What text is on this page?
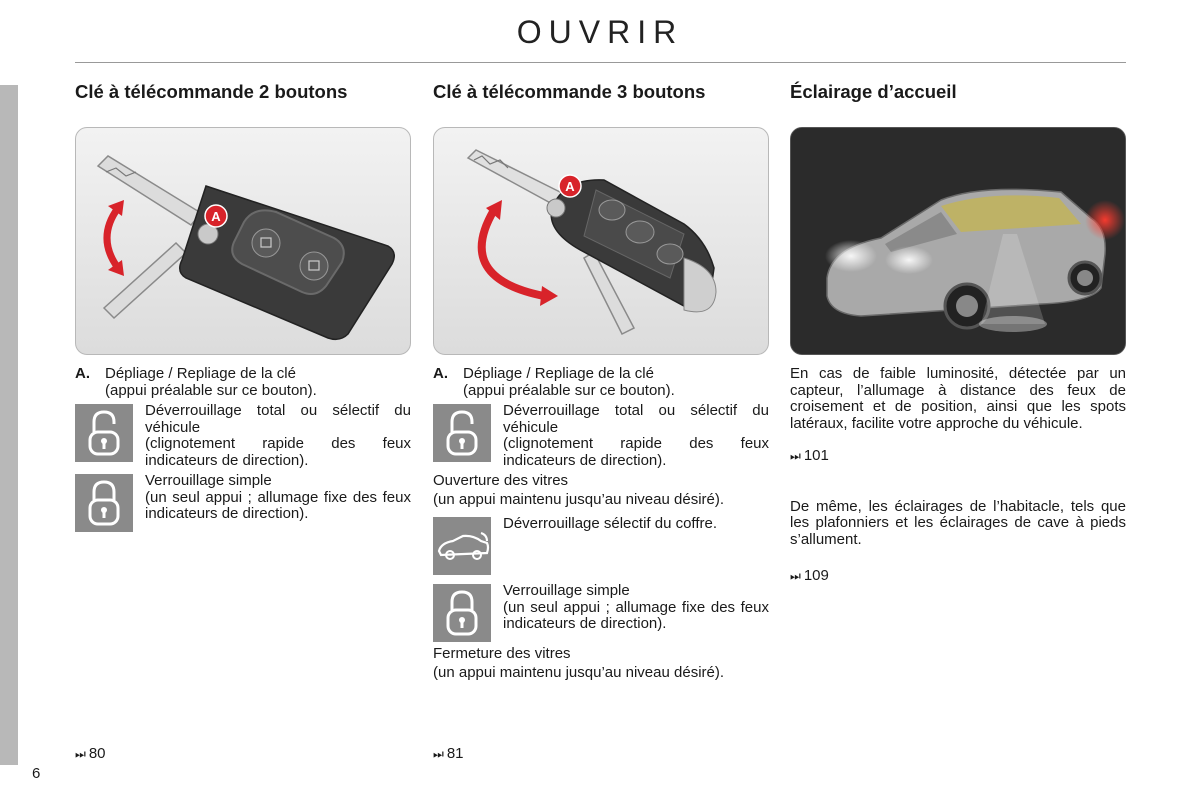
OUVRIR
6
Clé à télécommande 2 boutons
A
A.	Dépliage / Repliage de la clé
(appui préalable sur ce bouton).

Déverrouillage total ou sélectif du véhicule

(clignotement rapide des feux indicateurs de direction).

Verrouillage simple

(un seul appui ; allumage fixe des feux indicateurs de direction).

⏭ 80
Clé à télécommande 3 boutons
A
A.	Dépliage / Repliage de la clé
(appui préalable sur ce bouton).

Déverrouillage total ou sélectif du véhicule

(clignotement rapide des feux indicateurs de direction).

Ouverture des vitres

(un appui maintenu jusqu’au niveau désiré).

Déverrouillage sélectif du coffre.

Verrouillage simple

(un seul appui ; allumage fixe des feux indicateurs de direction).

Fermeture des vitres

(un appui maintenu jusqu’au niveau désiré).

⏭ 81
Éclairage d’accueil

En cas de faible luminosité, détectée par un capteur, l’allumage à distance des feux de croisement et de position, ainsi que les spots latéraux, facilite votre approche du véhicule.

⏭ 101

De même, les éclairages de l’habitacle, tels que les plafonniers et les éclairages de cave à pieds s’allument.

⏭ 109
